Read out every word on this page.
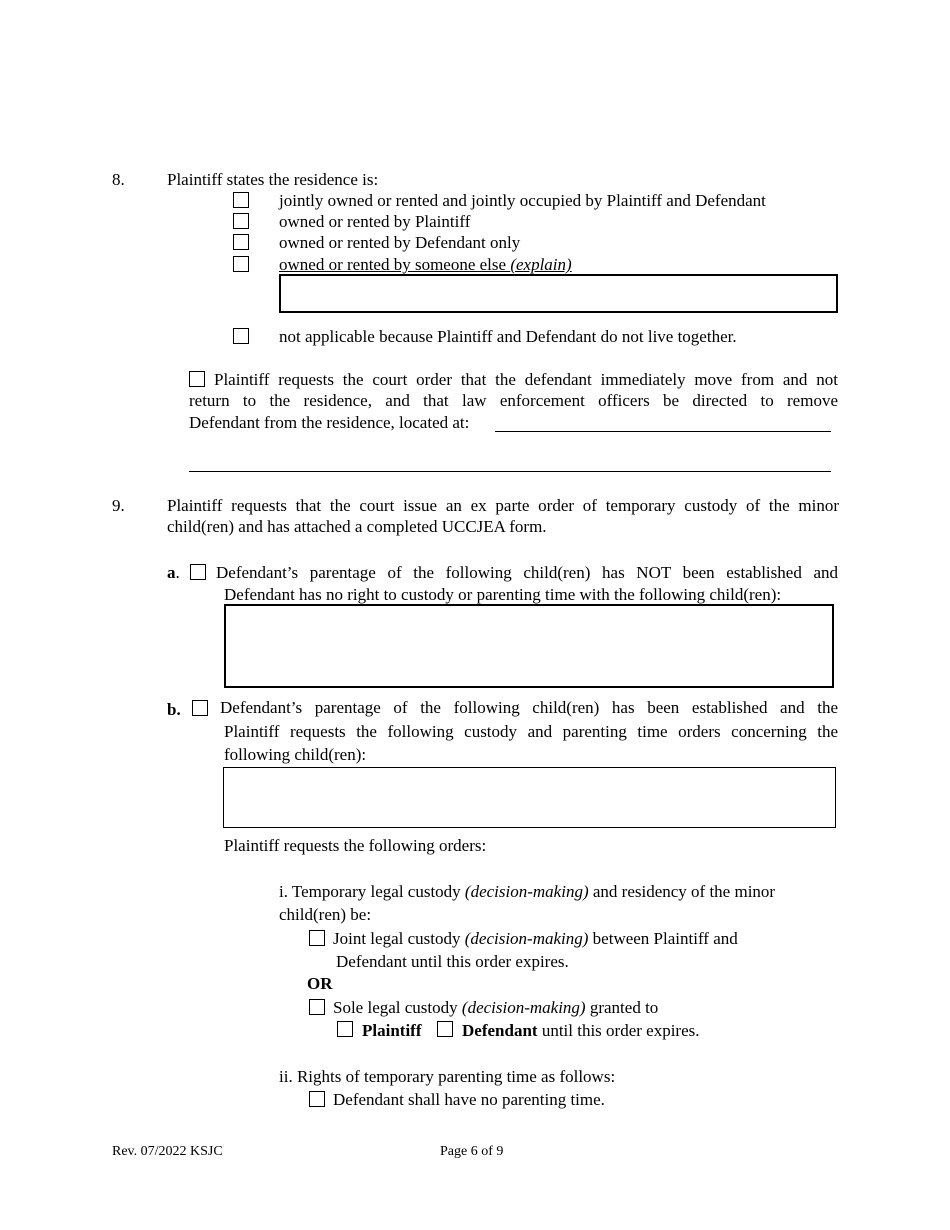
8. Plaintiff states the residence is:
jointly owned or rented and jointly occupied by Plaintiff and Defendant
owned or rented by Plaintiff
owned or rented by Defendant only
owned or rented by someone else (explain)
not applicable because Plaintiff and Defendant do not live together.
Plaintiff requests the court order that the defendant immediately move from and not
return to the residence, and that law enforcement officers be directed to remove
Defendant from the residence, located at:
9. Plaintiff requests that the court issue an ex parte order of temporary custody of the minor
child(ren) and has attached a completed UCCJEA form.
a. Defendant’s parentage of the following child(ren) has NOT been established and
Defendant has no right to custody or parenting time with the following child(ren):
b. Defendant’s parentage of the following child(ren) has been established and the
Plaintiff requests the following custody and parenting time orders concerning the
following child(ren):
Plaintiff requests the following orders:
i. Temporary legal custody (decision-making) and residency of the minor
child(ren) be:
Joint legal custody (decision-making) between Plaintiff and
Defendant until this order expires.
OR
Sole legal custody (decision-making) granted to
Plaintiff Defendant until this order expires.
ii. Rights of temporary parenting time as follows:
Defendant shall have no parenting time.
Rev. 07/2022 KSJC	Page 6 of 9
